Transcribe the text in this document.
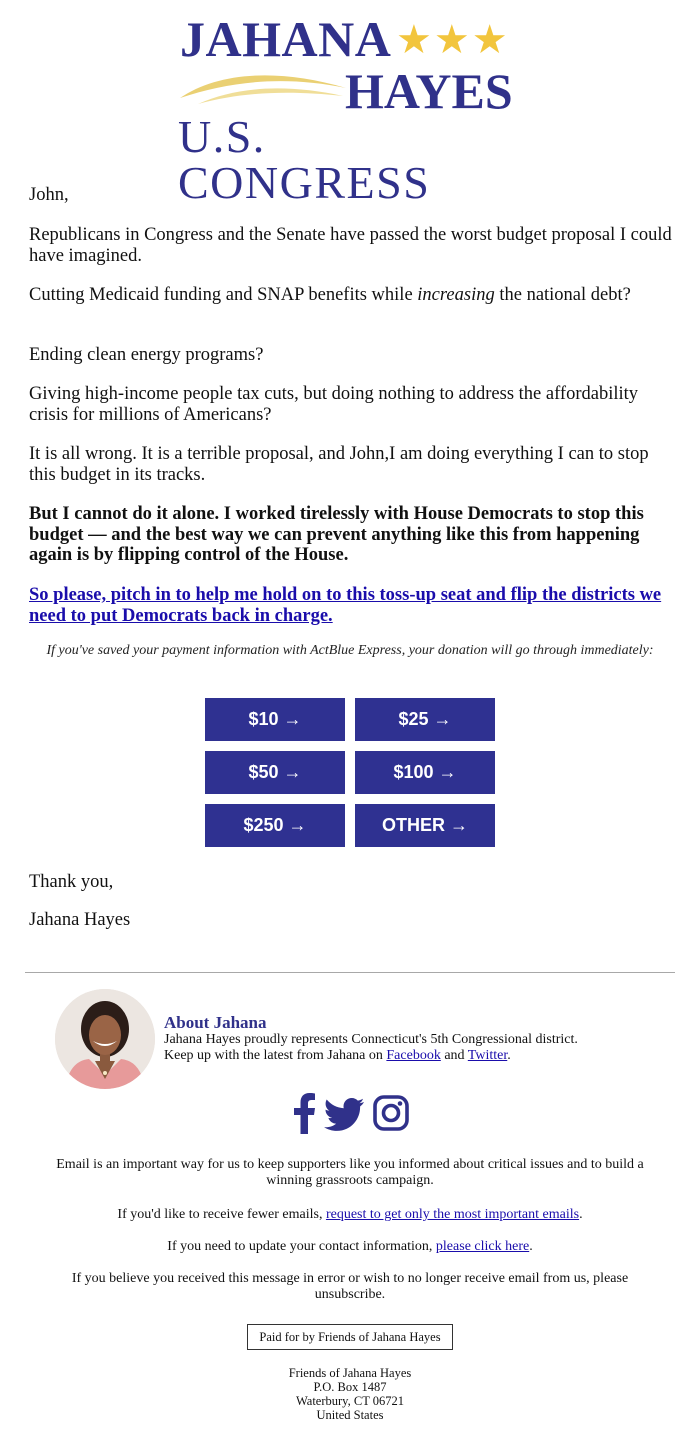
JAHANA ★★★
HAYES
U.S. CONGRESS

John,

Republicans in Congress and the Senate have passed the worst budget proposal I could have imagined.

Cutting Medicaid funding and SNAP benefits while increasing the national debt?

Ending clean energy programs?

Giving high-income people tax cuts, but doing nothing to address the affordability crisis for millions of Americans?

It is all wrong. It is a terrible proposal, and John,I am doing everything I can to stop this budget in its tracks.

But I cannot do it alone. I worked tirelessly with House Democrats to stop this budget — and the best way we can prevent anything like this from happening again is by flipping control of the House.

So please, pitch in to help me hold on to this toss-up seat and flip the districts we need to put Democrats back in charge.

If you've saved your payment information with ActBlue Express, your donation will go through immediately:
$10 →	$25 →
$50 →	$100 →
$250 →	OTHER →

Thank you,

Jahana Hayes

About Jahana
Jahana Hayes proudly represents Connecticut's 5th Congressional district.
Keep up with the latest from Jahana on Facebook and Twitter.
Email is an important way for us to keep supporters like you informed about critical issues and to build a winning grassroots campaign.
If you'd like to receive fewer emails, request to get only the most important emails.
If you need to update your contact information, please click here.
If you believe you received this message in error or wish to no longer receive email from us, please unsubscribe.
Paid for by Friends of Jahana Hayes
Friends of Jahana Hayes
P.O. Box 1487
Waterbury, CT 06721
United States
